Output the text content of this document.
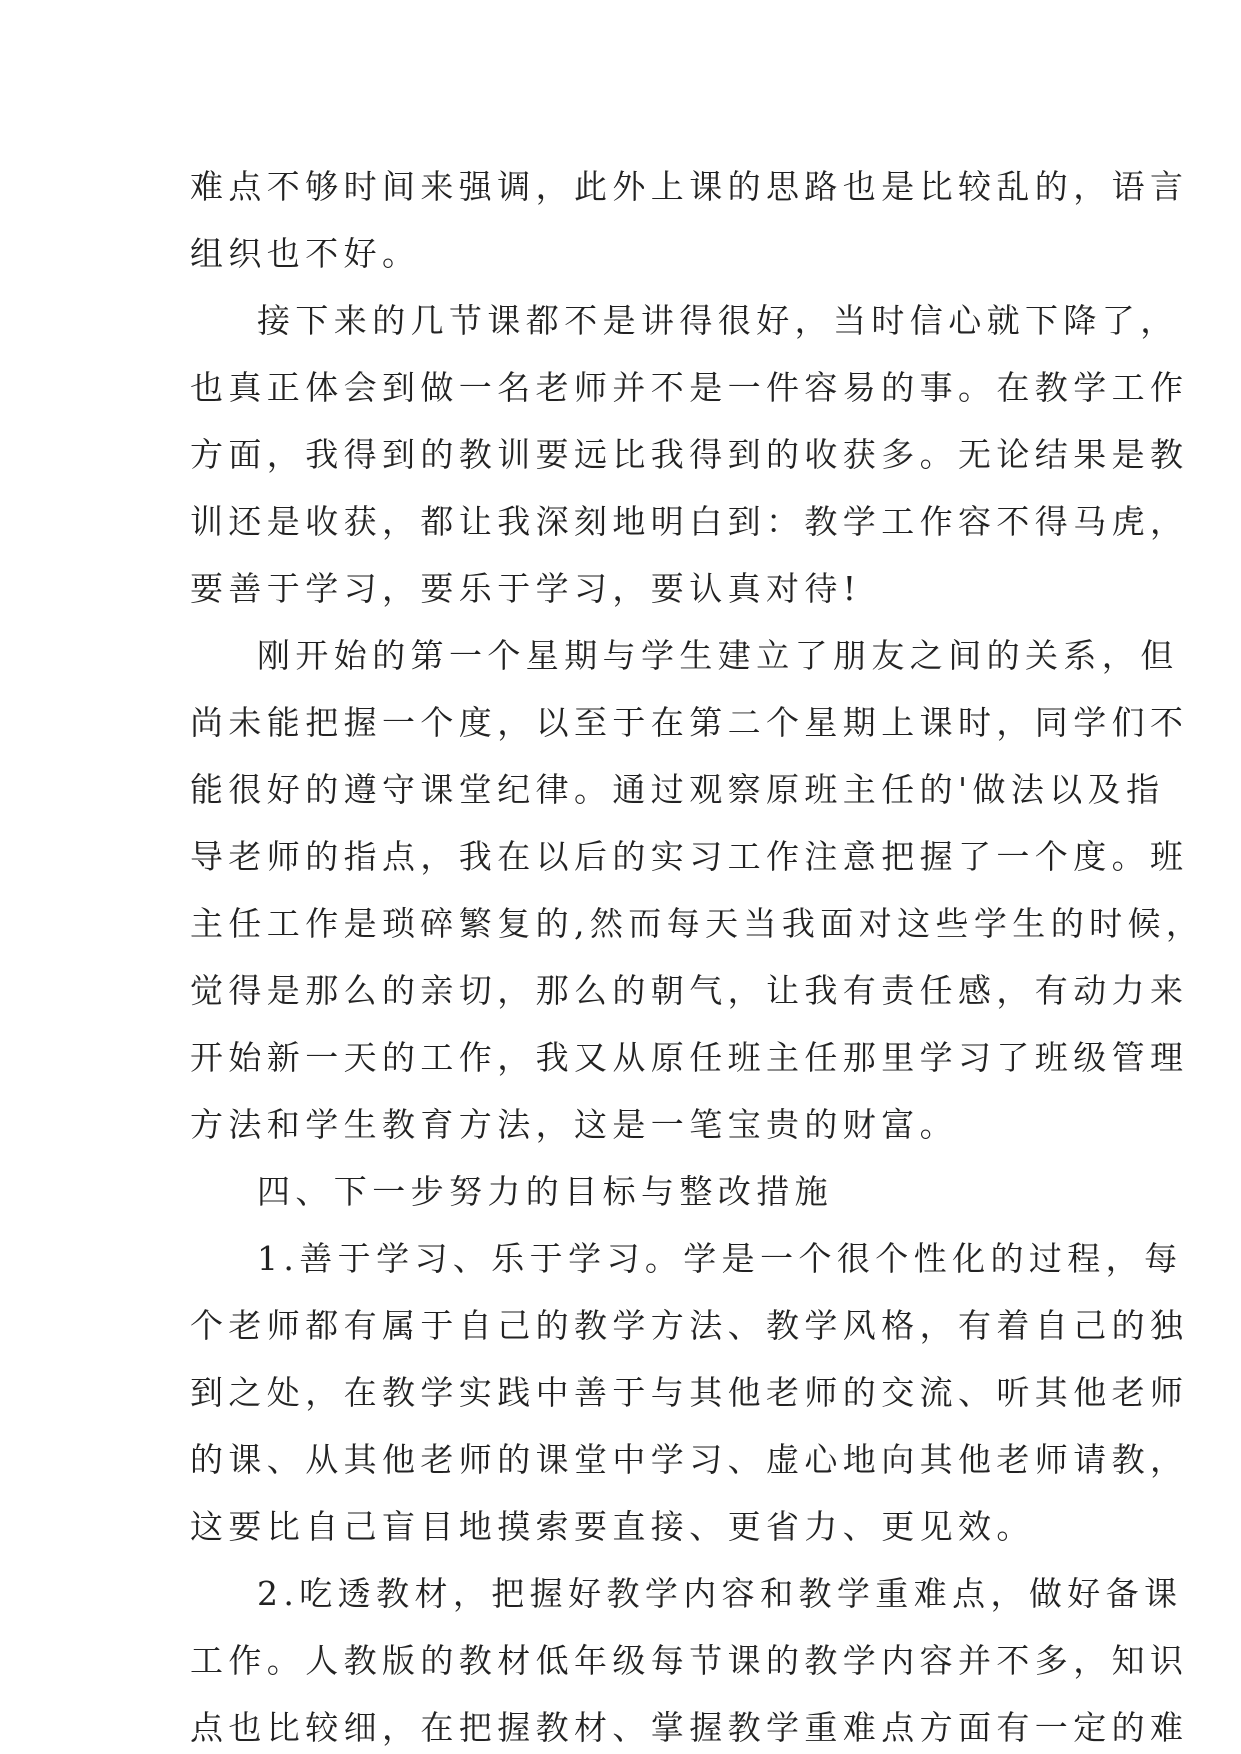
难点不够时间来强调，此外上课的思路也是比较乱的，语言
组织也不好。
接下来的几节课都不是讲得很好，当时信心就下降了，
也真正体会到做一名老师并不是一件容易的事。在教学工作
方面，我得到的教训要远比我得到的收获多。无论结果是教
训还是收获，都让我深刻地明白到：教学工作容不得马虎，
要善于学习，要乐于学习，要认真对待!
刚开始的第一个星期与学生建立了朋友之间的关系，但
尚未能把握一个度，以至于在第二个星期上课时，同学们不
能很好的遵守课堂纪律。通过观察原班主任的'做法以及指
导老师的指点，我在以后的实习工作注意把握了一个度。班
主任工作是琐碎繁复的,然而每天当我面对这些学生的时候，
觉得是那么的亲切，那么的朝气，让我有责任感，有动力来
开始新一天的工作，我又从原任班主任那里学习了班级管理
方法和学生教育方法，这是一笔宝贵的财富。
四、下一步努力的目标与整改措施
1.善于学习、乐于学习。学是一个很个性化的过程，每
个老师都有属于自己的教学方法、教学风格，有着自己的独
到之处，在教学实践中善于与其他老师的交流、听其他老师
的课、从其他老师的课堂中学习、虚心地向其他老师请教，
这要比自己盲目地摸索要直接、更省力、更见效。
2.吃透教材，把握好教学内容和教学重难点，做好备课
工作。人教版的教材低年级每节课的教学内容并不多，知识
点也比较细，在把握教材、掌握教学重难点方面有一定的难
